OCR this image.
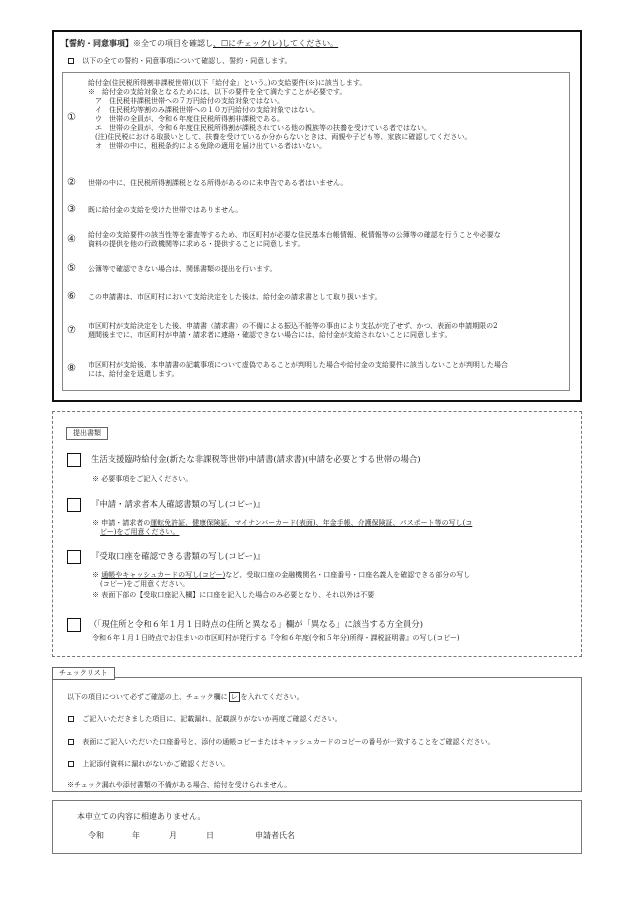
【誓約・同意事項】※全ての項目を確認し、☐にチェック(レ)してください。
以下の全ての誓約・同意事項について確認し、誓約・同意します。
①
給付金(住民税所得割非課税世帯)(以下「給付金」という。)の支給要件(※)に該当します。
※　給付金の支給対象となるためには、以下の要件を全て満たすことが必要です。
　ア　住民税非課税世帯への７万円給付の支給対象ではない。
　イ　住民税均等割のみ課税世帯への１０万円給付の支給対象ではない。
　ウ　世帯の全員が、令和６年度住民税所得割非課税である。
　エ　世帯の全員が、令和６年度住民税所得割が課税されている他の親族等の扶養を受けている者ではない。
　(注)住民税における取扱いとして、扶養を受けているか分からないときは、両親や子ども等、家族に確認してください。
　オ　世帯の中に、租税条約による免除の適用を届け出ている者はいない。
② 世帯の中に、住民税所得割課税となる所得があるのに未申告である者はいません。
③ 既に給付金の支給を受けた世帯ではありません。
④ 給付金の支給要件の該当性等を審査等するため、市区町村が必要な住民基本台帳情報、税情報等の公簿等の確認を行うことや必要な
資料の提供を他の行政機関等に求める・提供することに同意します。
⑤ 公簿等で確認できない場合は、関係書類の提出を行います。
⑥ この申請書は、市区町村において支給決定をした後は、給付金の請求書として取り扱います。
⑦ 市区町村が支給決定をした後、申請書（請求書）の不備による振込不能等の事由により支払が完了せず、かつ、表面の申請期限の2
週間後までに、市区町村が申請・請求者に連絡・確認できない場合には、給付金が支給されないことに同意します。
⑧ 市区町村が支給後、本申請書の記載事項について虚偽であることが判明した場合や給付金の支給要件に該当しないことが判明した場合
には、給付金を返還します。
提出書類
生活支援臨時給付金(新たな非課税等世帯)申請書(請求書)(申請を必要とする世帯の場合)
※ 必要事項をご記入ください。
『申請・請求者本人確認書類の写し(コピー)』
※ 申請・請求者の運転免許証、健康保険証、マイナンバーカード(表面)、年金手帳、介護保険証、パスポート等の写し(コ
ピー)をご用意ください。
『受取口座を確認できる書類の写し(コピー)』
※ 通帳やキャッシュカードの写し(コピー)など、受取口座の金融機関名・口座番号・口座名義人を確認できる部分の写し
(コピー)をご用意ください。
※ 表面下部の【受取口座記入欄】に口座を記入した場合のみ必要となり、それ以外は不要
（「現住所と令和６年１月１日時点の住所と異なる」欄が「異なる」に該当する方全員分)
令和６年１月１日時点でお住まいの市区町村が発行する『令和６年度(令和５年分)所得・課税証明書』の写し(コピー)
チェックリスト
以下の項目について必ずご確認の上、チェック欄に レ を入れてください。
ご記入いただきました項目に、記載漏れ、記載誤りがないか再度ご確認ください。
表面にご記入いただいた口座番号と、添付の通帳コピーまたはキャッシュカードのコピーの番号が一致することをご確認ください。
上記添付資料に漏れがないかご確認ください。
※チェック漏れや添付書類の不備がある場合、給付を受けられません。
本申立ての内容に相違ありません。
令和	年	月	日	申請者氏名
